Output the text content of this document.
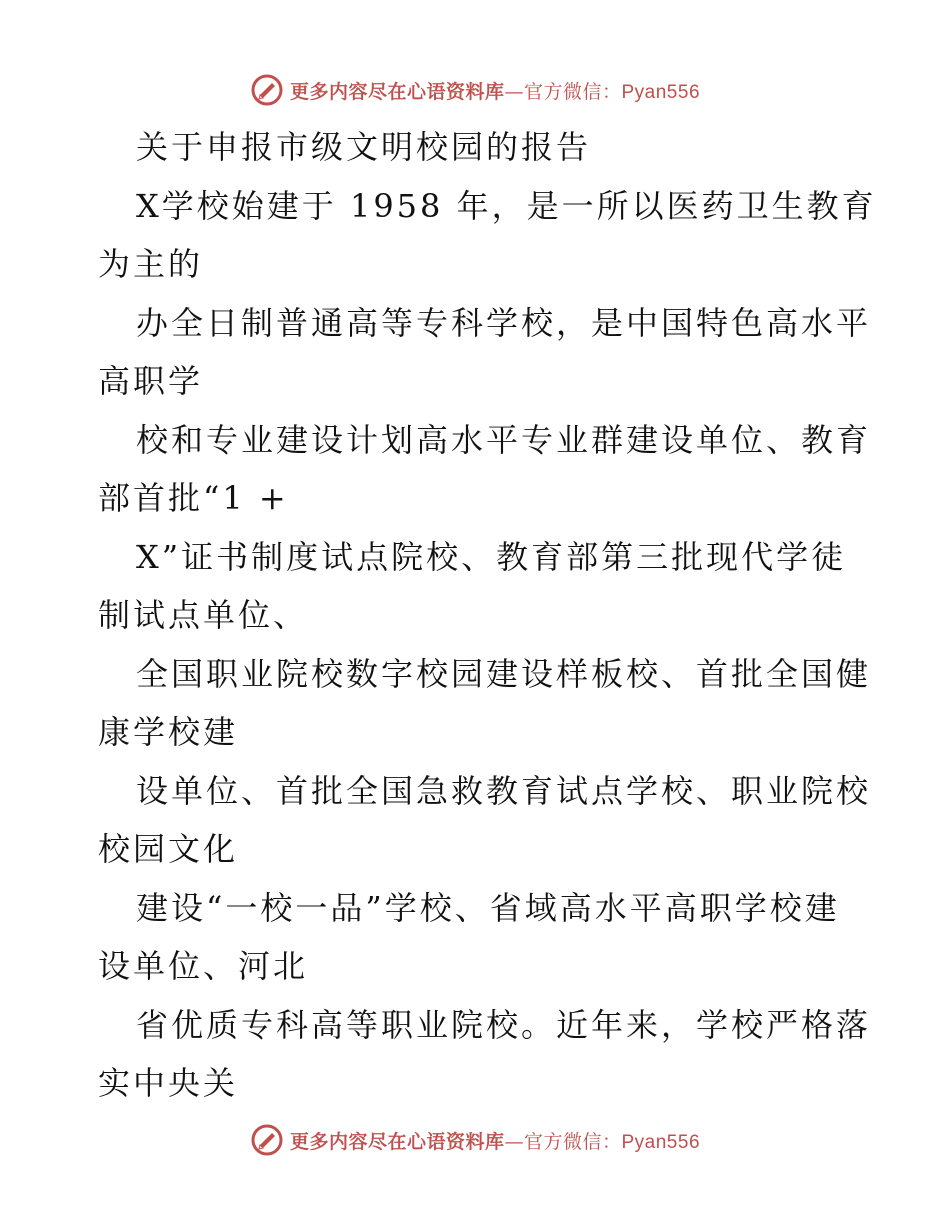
更多内容尽在心语资料库—官方微信：Pyan556
关于申报市级文明校园的报告
X学校始建于 1958 年，是一所以医药卫生教育
为主的
办全日制普通高等专科学校，是中国特色高水平
高职学
校和专业建设计划高水平专业群建设单位、教育
部首批“1 +
X”证书制度试点院校、教育部第三批现代学徒
制试点单位、
全国职业院校数字校园建设样板校、首批全国健
康学校建
设单位、首批全国急救教育试点学校、职业院校
校园文化
建设“一校一品”学校、省域高水平高职学校建
设单位、河北
省优质专科高等职业院校。近年来，学校严格落
实中央关
更多内容尽在心语资料库—官方微信：Pyan556
